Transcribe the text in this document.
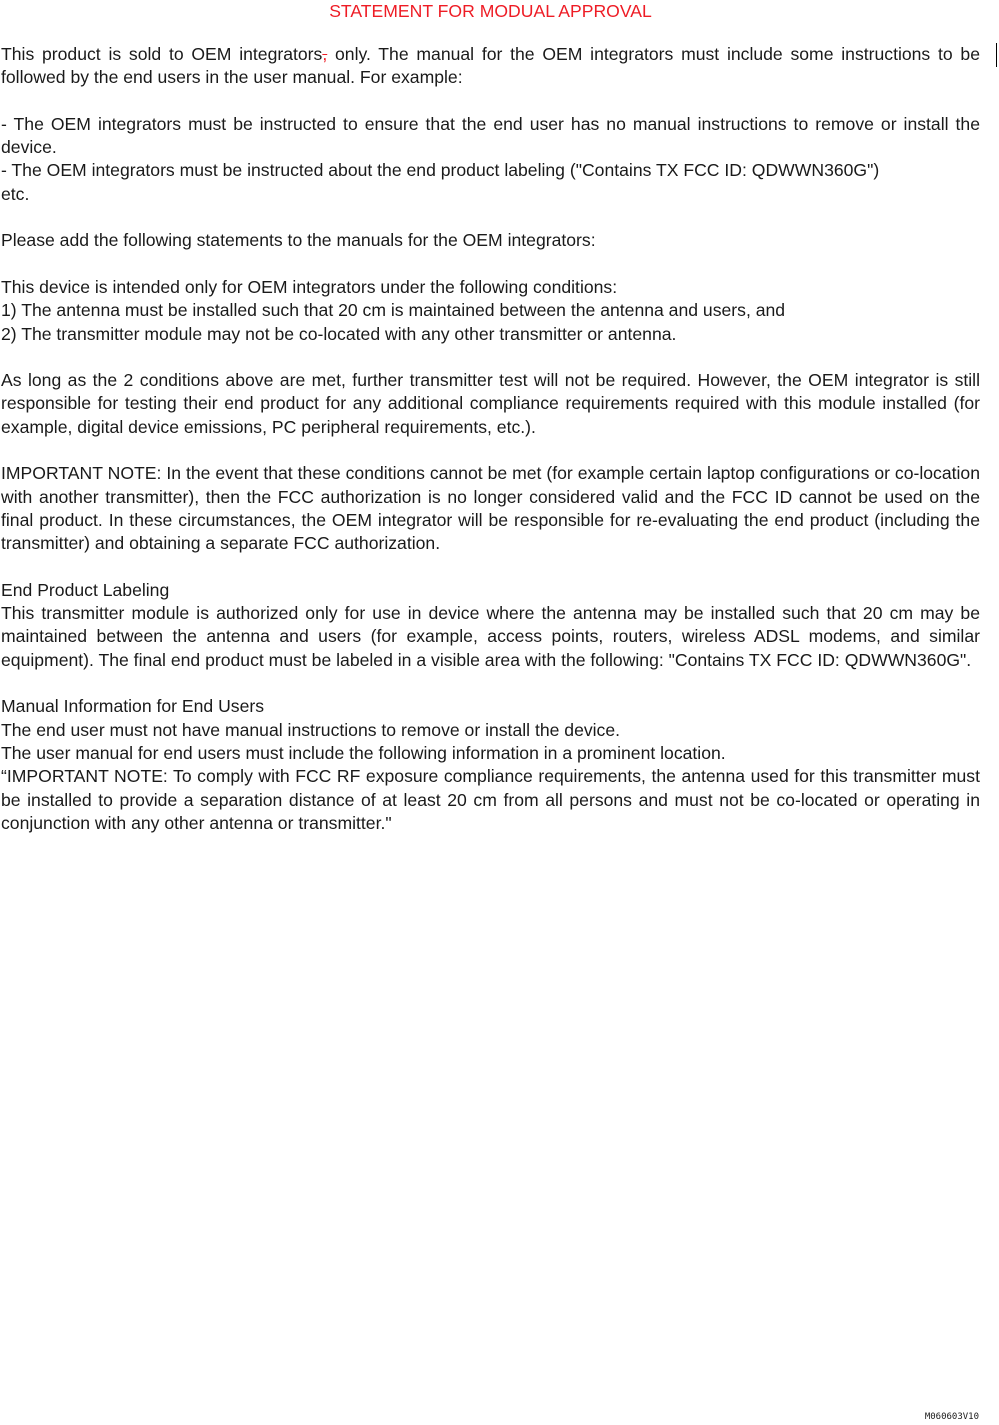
STATEMENT FOR MODUAL APPROVAL

This product is sold to OEM integrators, only. The manual for the OEM integrators must include some instructions to be followed by the end users in the user manual. For example:

- The OEM integrators must be instructed to ensure that the end user has no manual instructions to remove or install the device.

- The OEM integrators must be instructed about the end product labeling ("Contains TX FCC ID: QDWWN360G")

etc.

Please add the following statements to the manuals for the OEM integrators:

This device is intended only for OEM integrators under the following conditions:

1) The antenna must be installed such that 20 cm is maintained between the antenna and users, and

2) The transmitter module may not be co-located with any other transmitter or antenna.

As long as the 2 conditions above are met, further transmitter test will not be required. However, the OEM integrator is still responsible for testing their end product for any additional compliance requirements required with this module installed (for example, digital device emissions, PC peripheral requirements, etc.).

IMPORTANT NOTE: In the event that these conditions cannot be met (for example certain laptop configurations or co-location with another transmitter), then the FCC authorization is no longer considered valid and the FCC ID cannot be used on the final product. In these circumstances, the OEM integrator will be responsible for re-evaluating the end product (including the transmitter) and obtaining a separate FCC authorization.

End Product Labeling

This transmitter module is authorized only for use in device where the antenna may be installed such that 20 cm may be maintained between the antenna and users (for example, access points, routers, wireless ADSL modems, and similar equipment). The final end product must be labeled in a visible area with the following: "Contains TX FCC ID: QDWWN360G".

Manual Information for End Users

The end user must not have manual instructions to remove or install the device.

The user manual for end users must include the following information in a prominent location.

“IMPORTANT NOTE: To comply with FCC RF exposure compliance requirements, the antenna used for this transmitter must be installed to provide a separation distance of at least 20 cm from all persons and must not be co-located or operating in conjunction with any other antenna or transmitter."

M060603V10
